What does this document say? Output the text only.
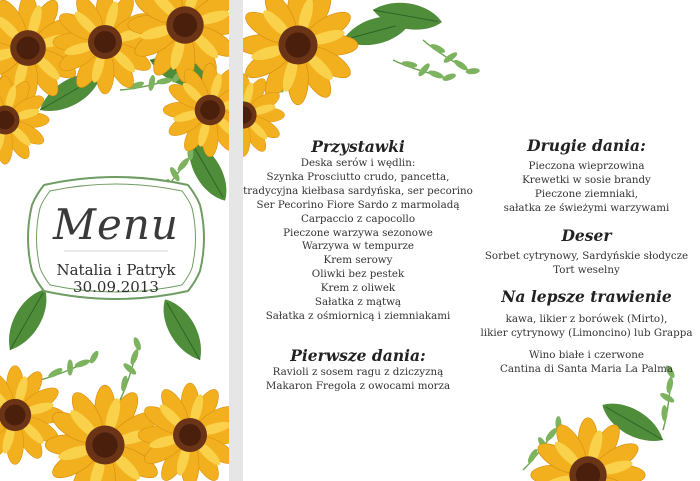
Menu
Natalia i Patryk
30.09.2013
Przystawki
Deska serów i wędlin:
Szynka Prosciutto crudo, pancetta,
tradycyjna kiełbasa sardyńska, ser pecorino
Ser Pecorino Fiore Sardo z marmoladą
Carpaccio z capocollo
Pieczone warzywa sezonowe
Warzywa w tempurze
Krem serowy
Oliwki bez pestek
Krem z oliwek
Sałatka z mątwą
Sałatka z ośmiornicą i ziemniakami
Pierwsze dania:
Ravioli z sosem ragu z dziczyzną
Makaron Fregola z owocami morza
Drugie dania:
Pieczona wieprzowina
Krewetki w sosie brandy
Pieczone ziemniaki,
sałatka ze świeżymi warzywami
Deser
Sorbet cytrynowy, Sardyńskie słodycze
Tort weselny
Na lepsze trawienie
kawa, likier z borówek (Mirto),
likier cytrynowy (Limoncino) lub Grappa
Wino białe i czerwone
Cantina di Santa Maria La Palma
